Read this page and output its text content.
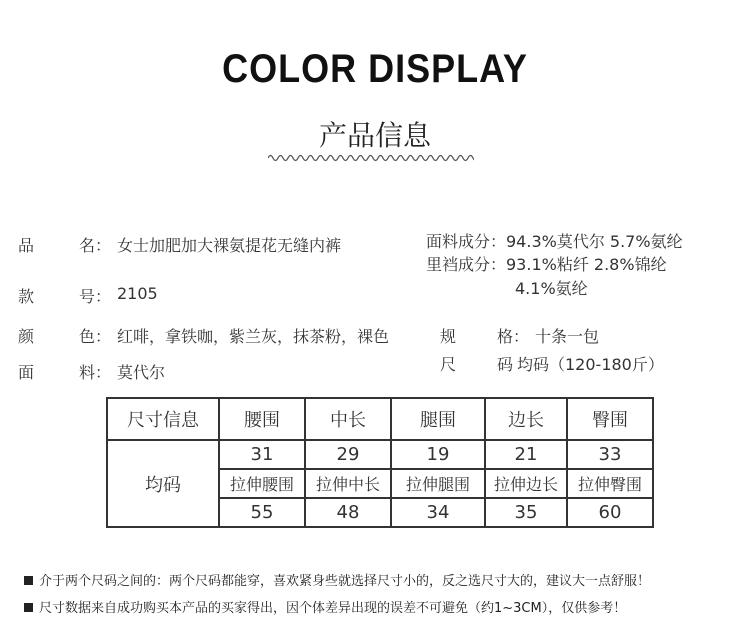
COLOR DISPLAY
产品信息
品	名： 女士加肥加大裸氨提花无缝内裤
款	号： 2105
颜	色： 红啡，拿铁咖，紫兰灰，抹茶粉，裸色
面	料： 莫代尔
面料成分：94.3%莫代尔 5.7%氨纶
里裆成分：93.1%粘纤 2.8%锦纶
4.1%氨纶
规	格： 十条一包
尺	码 均码（120-180斤）
尺寸信息	腰围	中长	腿围	边长	臀围
均码	31	29	19	21	33
	拉伸腰围	拉伸中长	拉伸腿围	拉伸边长	拉伸臀围
	55	48	34	35	60
介于两个尺码之间的：两个尺码都能穿，喜欢紧身些就选择尺寸小的，反之选尺寸大的，建议大一点舒服！
尺寸数据来自成功购买本产品的买家得出，因个体差异出现的误差不可避免（约1~3CM），仅供参考！
